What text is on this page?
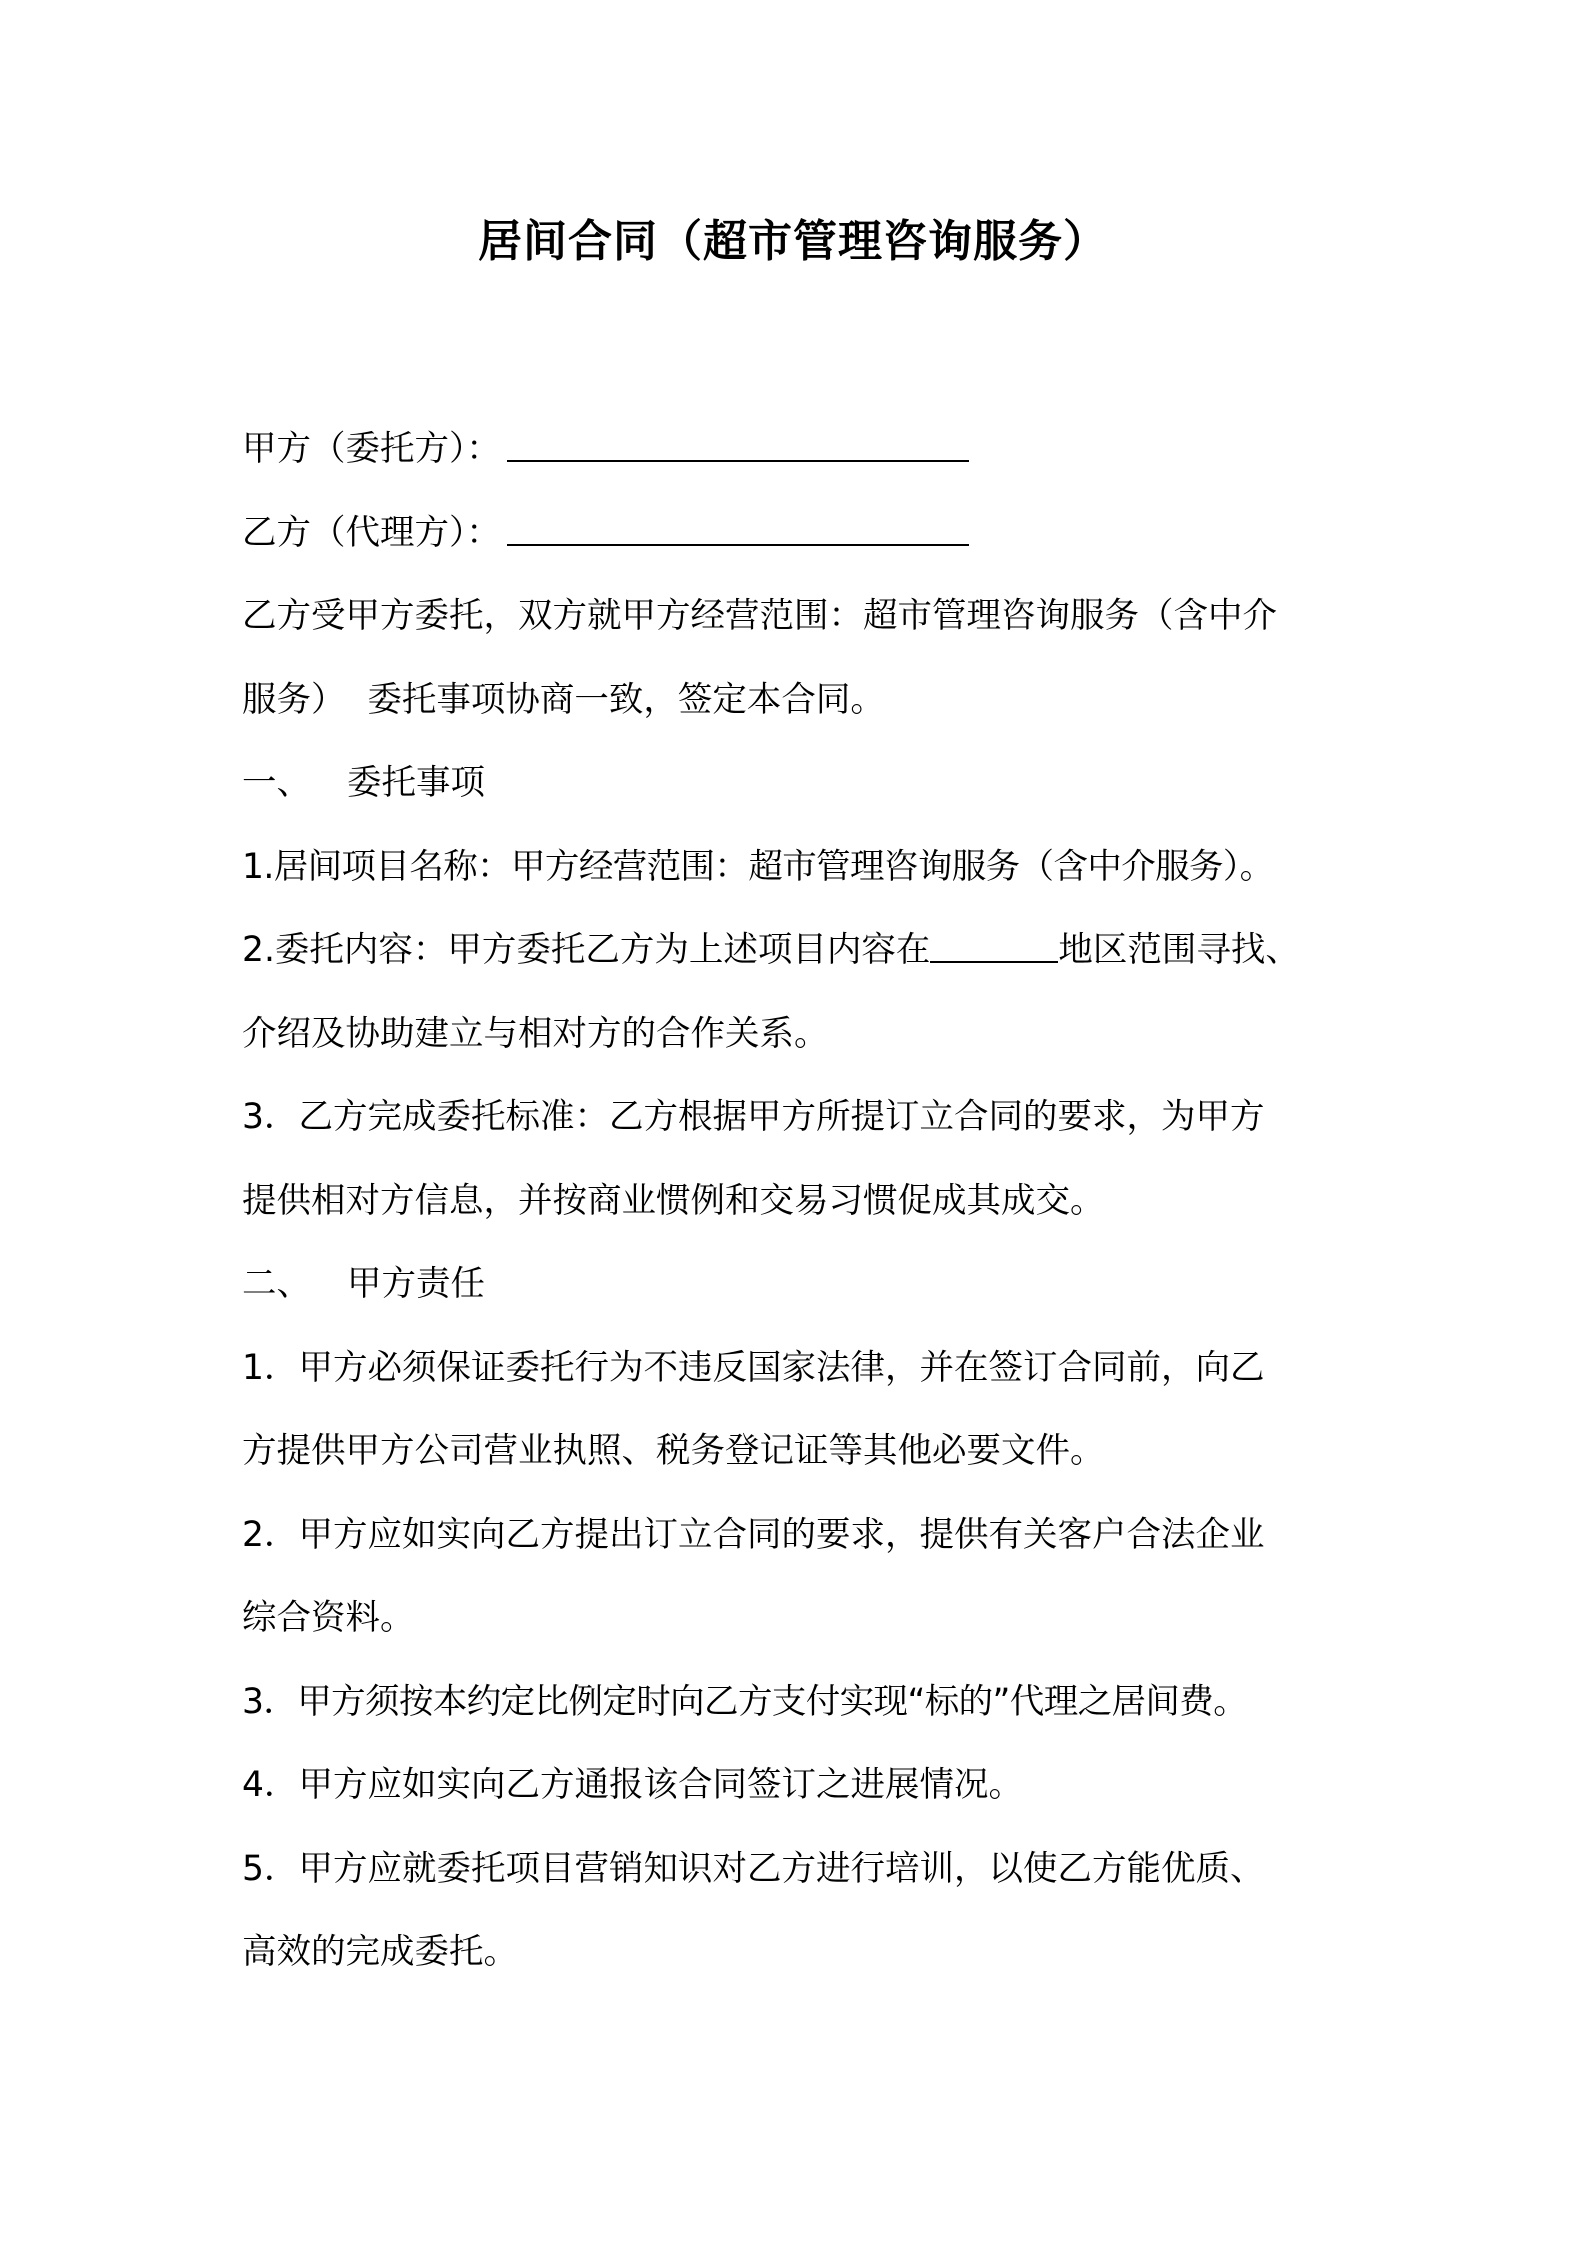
居间合同（超市管理咨询服务）
甲方（委托方）：
乙方（代理方）：
乙方受甲方委托，双方就甲方经营范围：超市管理咨询服务（含中介
服务）  委托事项协商一致，签定本合同。
一、 委托事项
1.居间项目名称：甲方经营范围：超市管理咨询服务（含中介服务）。
2.委托内容：甲方委托乙方为上述项目内容在	地区范围寻找、
介绍及协助建立与相对方的合作关系。
3．乙方完成委托标准：乙方根据甲方所提订立合同的要求，为甲方
提供相对方信息，并按商业惯例和交易习惯促成其成交。
二、 甲方责任
1．甲方必须保证委托行为不违反国家法律，并在签订合同前，向乙
方提供甲方公司营业执照、税务登记证等其他必要文件。
2．甲方应如实向乙方提出订立合同的要求，提供有关客户合法企业
综合资料。
3．甲方须按本约定比例定时向乙方支付实现“标的”代理之居间费。
4．甲方应如实向乙方通报该合同签订之进展情况。
5．甲方应就委托项目营销知识对乙方进行培训，以使乙方能优质、
高效的完成委托。
